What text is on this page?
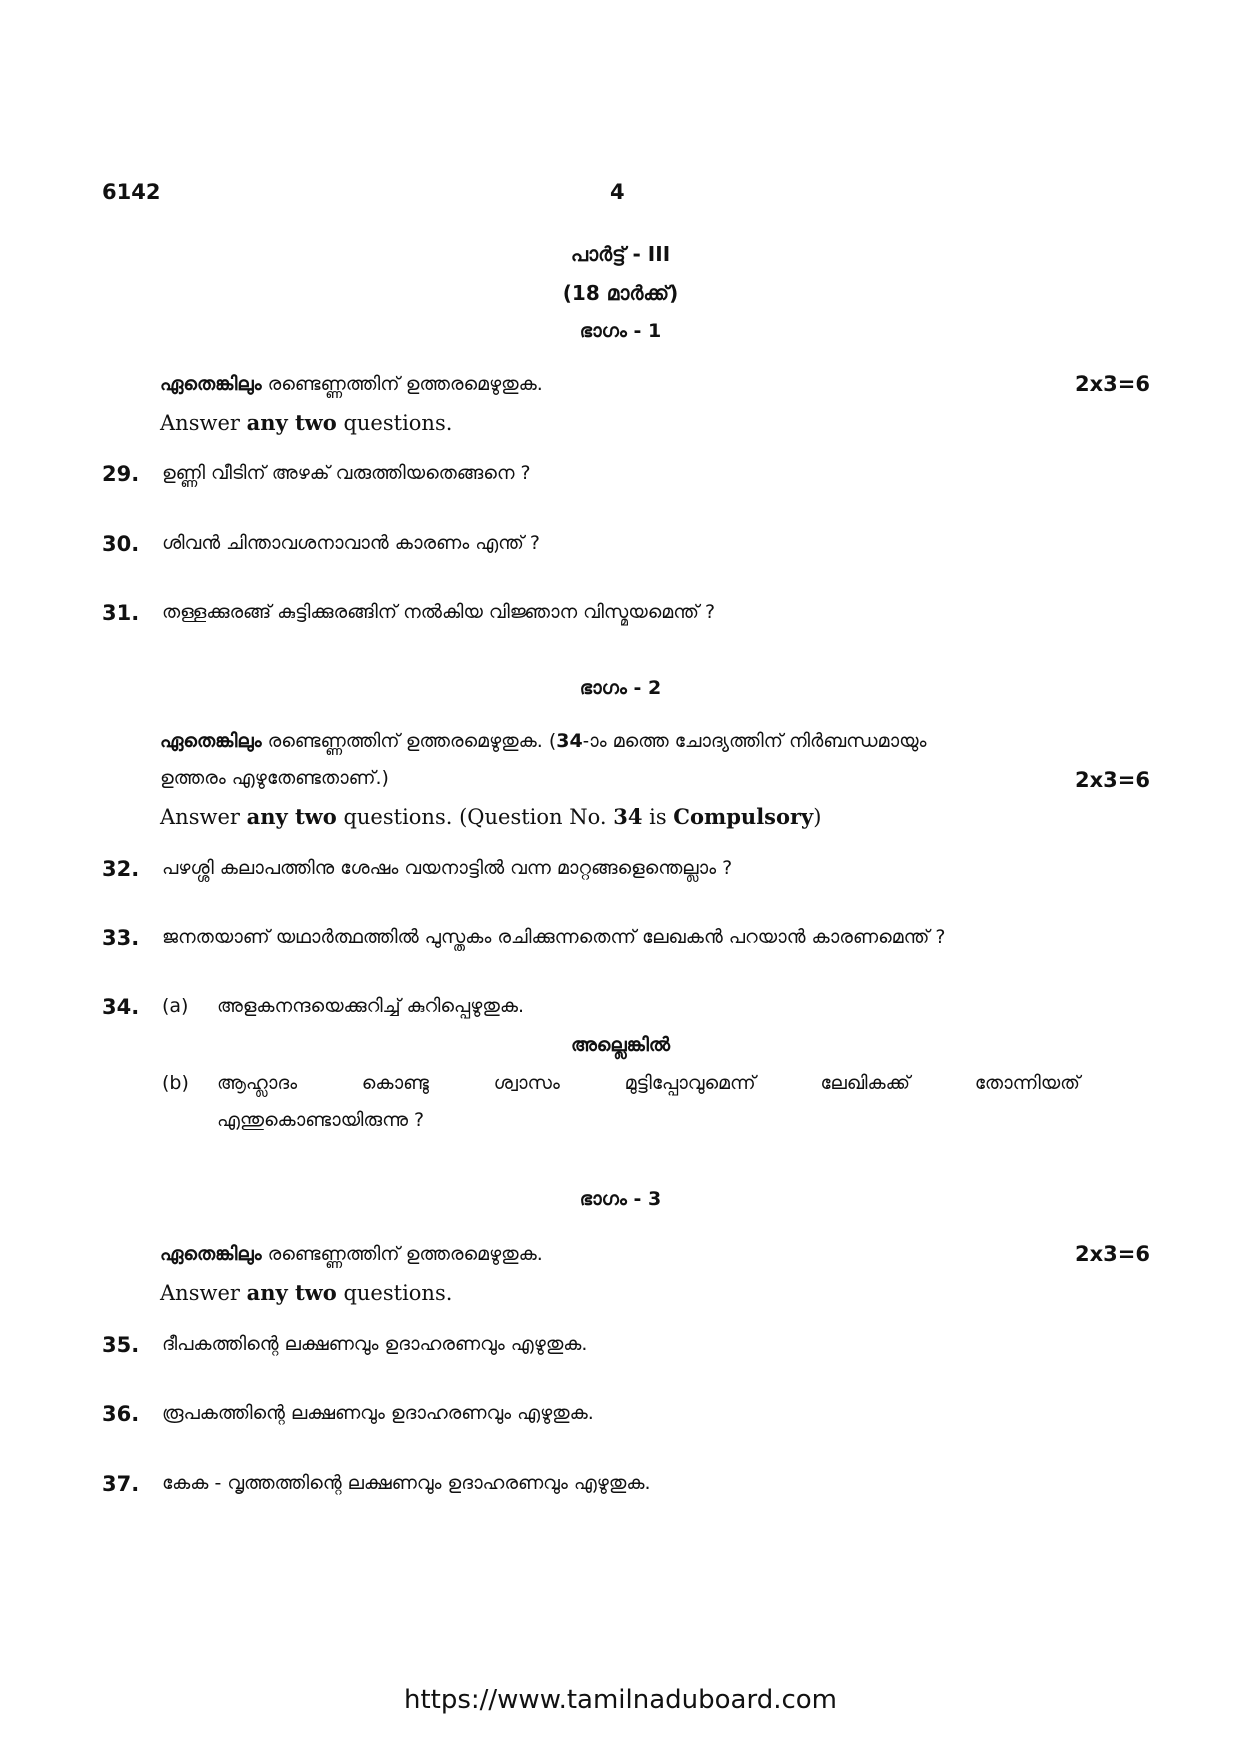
6142	4
പാർട്ട് - III
(18 മാർക്ക്)
ഭാഗം - 1
ഏതെങ്കിലും രണ്ടെണ്ണത്തിന് ഉത്തരമെഴുതുക.	2x3=6
Answer any two questions.
29. ഉണ്ണി വീടിന് അഴക് വരുത്തിയതെങ്ങനെ ?
30. ശിവൻ ചിന്താവശനാവാൻ കാരണം എന്ത് ?
31. തള്ളക്കുരങ്ങ് കുട്ടിക്കുരങ്ങിന് നൽകിയ വിജ്ഞാന വിസ്മയമെന്ത് ?
ഭാഗം - 2
ഏതെങ്കിലും രണ്ടെണ്ണത്തിന് ഉത്തരമെഴുതുക. (34-ാം മത്തെ ചോദ്യത്തിന് നിർബന്ധമായും
ഉത്തരം എഴുതേണ്ടതാണ്.)	2x3=6
Answer any two questions. (Question No. 34 is Compulsory)
32. പഴശ്ശി കലാപത്തിനു ശേഷം വയനാട്ടിൽ വന്ന മാറ്റങ്ങളെന്തെല്ലാം ?
33. ജനതയാണ് യഥാർത്ഥത്തിൽ പുസ്തകം രചിക്കുന്നതെന്ന് ലേഖകൻ പറയാൻ കാരണമെന്ത് ?
34. (a) അളകനന്ദയെക്കുറിച്ച് കുറിപ്പെഴുതുക.
അല്ലെങ്കിൽ
(b) ആഹ്ലാദം	കൊണ്ടു	ശ്വാസം	മുട്ടിപ്പോവുമെന്ന്	ലേഖികക്ക്	തോന്നിയത്
എന്തുകൊണ്ടായിരുന്നു ?
ഭാഗം - 3
ഏതെങ്കിലും രണ്ടെണ്ണത്തിന് ഉത്തരമെഴുതുക.	2x3=6
Answer any two questions.
35. ദീപകത്തിന്റെ ലക്ഷണവും ഉദാഹരണവും എഴുതുക.
36. രൂപകത്തിന്റെ ലക്ഷണവും ഉദാഹരണവും എഴുതുക.
37. കേക - വൃത്തത്തിന്റെ ലക്ഷണവും ഉദാഹരണവും എഴുതുക.
https://www.tamilnaduboard.com
